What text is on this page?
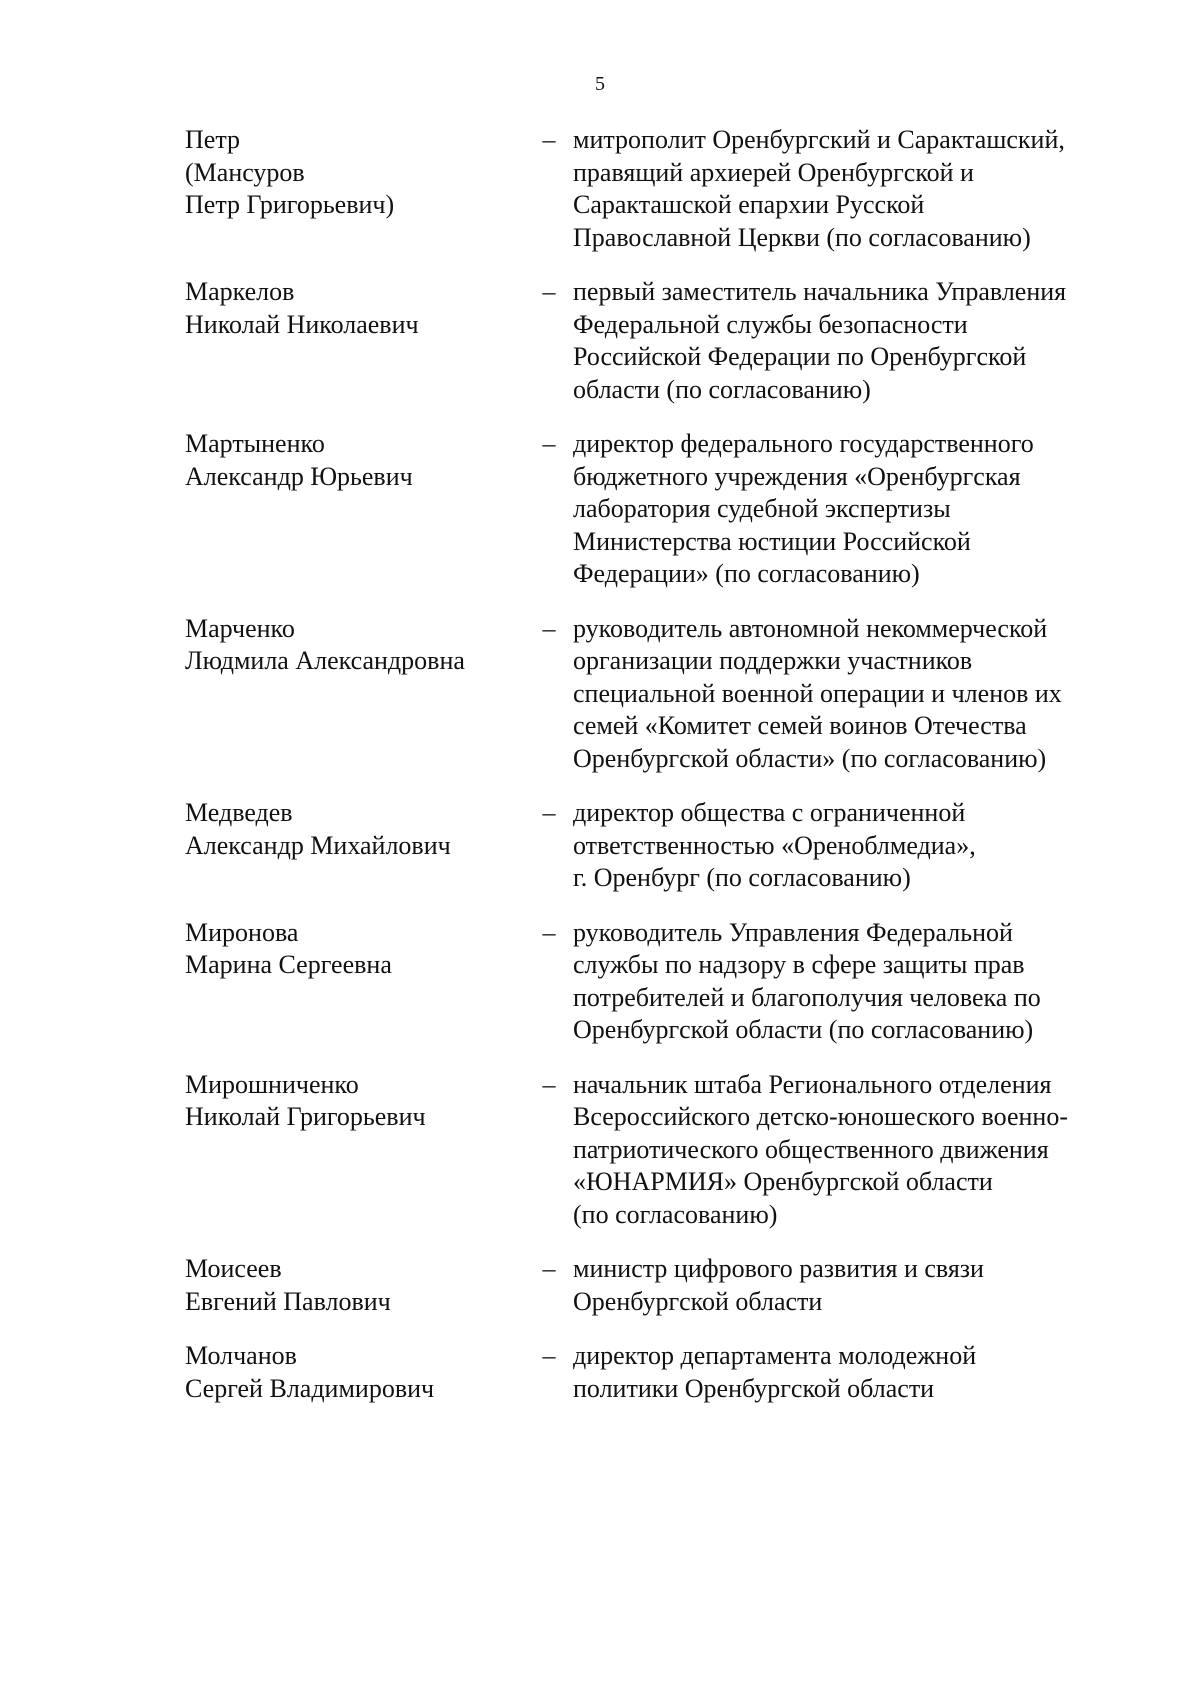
5
Петр
(Мансуров
Петр Григорьевич)
– митрополит Оренбургский и Саракташский,
правящий архиерей Оренбургской и
Саракташской епархии Русской
Православной Церкви (по согласованию)
Маркелов
Николай Николаевич
– первый заместитель начальника Управления
Федеральной службы безопасности
Российской Федерации по Оренбургской
области (по согласованию)
Мартыненко
Александр Юрьевич
– директор федерального государственного
бюджетного учреждения «Оренбургская
лаборатория судебной экспертизы
Министерства юстиции Российской
Федерации» (по согласованию)
Марченко
Людмила Александровна
– руководитель автономной некоммерческой
организации поддержки участников
специальной военной операции и членов их
семей «Комитет семей воинов Отечества
Оренбургской области» (по согласованию)
Медведев
Александр Михайлович
– директор общества с ограниченной
ответственностью «Ореноблмедиа»,
г. Оренбург (по согласованию)
Миронова
Марина Сергеевна
– руководитель Управления Федеральной
службы по надзору в сфере защиты прав
потребителей и благополучия человека по
Оренбургской области (по согласованию)
Мирошниченко
Николай Григорьевич
– начальник штаба Регионального отделения
Всероссийского детско-юношеского военно-
патриотического общественного движения
«ЮНАРМИЯ» Оренбургской области
(по согласованию)
Моисеев
Евгений Павлович
– министр цифрового развития и связи
Оренбургской области
Молчанов
Сергей Владимирович
– директор департамента молодежной
политики Оренбургской области
